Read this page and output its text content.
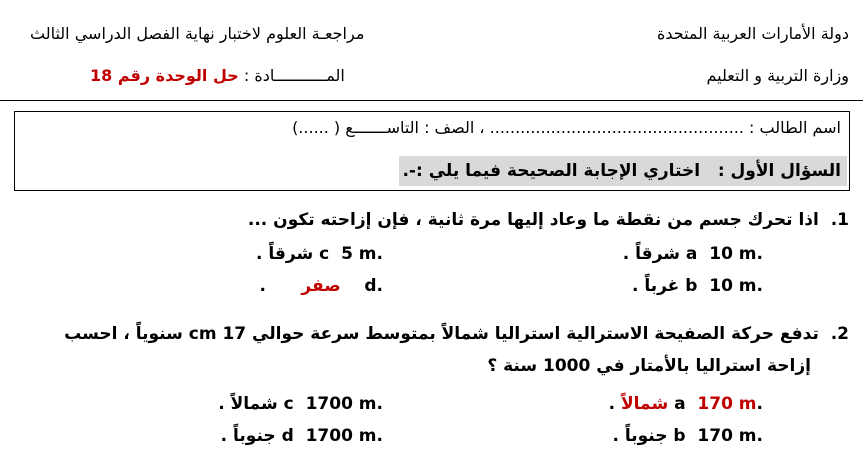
دولة الأمارات العربية المتحدة
مراجعـة العلوم لاختبار نهاية الفصل الدراسي الثالث
وزارة التربية و التعليم
المـــــــــــادة : حل الوحدة رقم 18
اسم الطالب : .................................................. ، الصف : التاســـــــع ( ......)
السؤال الأول :   اختاري الإجابة الصحيحة فيما يلي :-.
1.  اذا تحرك جسم من نقطة ما وعاد إليها مرة ثانية ، فإن إزاحته تكون ...
.a  10 m شرقاً .
.c  5 m شرقاً .
.b  10 m غرباً .
.d    صفر      .
2.  تدفع حركة الصفيحة الاسترالية استراليا شمالاً بمتوسط سرعة حوالي 17 cm سنوياً ، احسب
إزاحة استراليا بالأمتار في 1000 سنة ؟
.a  170 m شمالاً .
.c  1700 m شمالاً .
.b  170 m جنوباً .
.d  1700 m جنوباً .
